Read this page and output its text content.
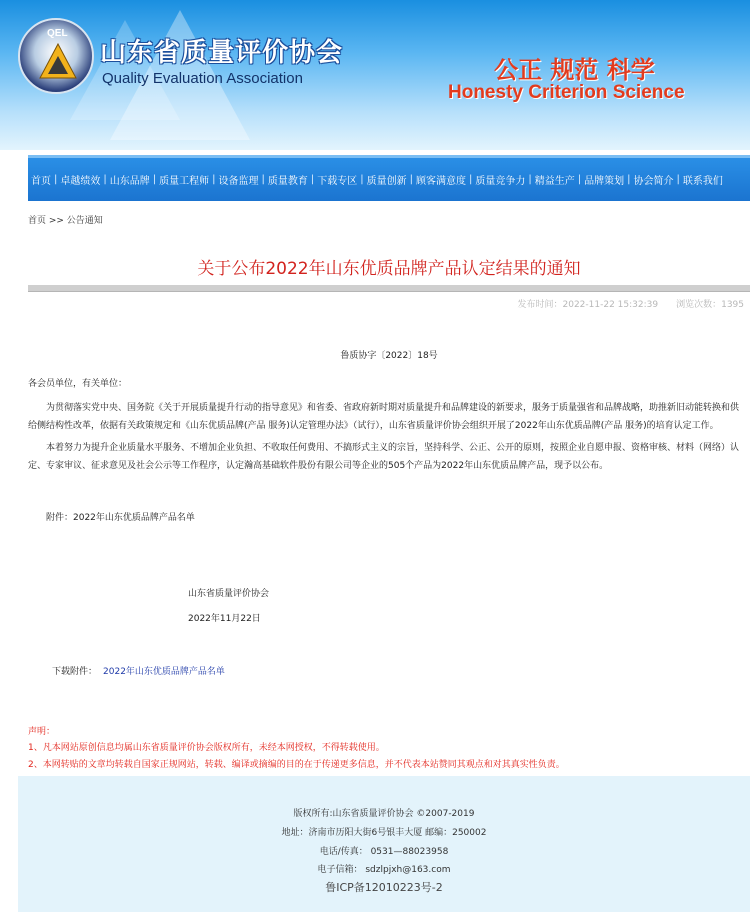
QEL
山东省质量评价协会
Quality Evaluation Association	公正 规范 科学
Honesty Criterion Science
首页 | 卓越绩效 | 山东品牌 | 质量工程师 | 设备监理 | 质量教育 | 下载专区 | 质量创新 | 顾客满意度 | 质量竞争力 | 精益生产 | 品牌策划 | 协会简介 | 联系我们
首页 >> 公告通知
关于公布2022年山东优质品牌产品认定结果的通知
发布时间：2022-11-22 15:32:39 浏览次数：1395
鲁质协字〔2022〕18号
各会员单位，有关单位：
为贯彻落实党中央、国务院《关于开展质量提升行动的指导意见》和省委、省政府新时期对质量提升和品牌建设的新要求，服务于质量强省和品牌战略，助推新旧动能转换和供给侧结构性改革，依据有关政策规定和《山东优质品牌(产品 服务)认定管理办法》（试行），山东省质量评价协会组织开展了2022年山东优质品牌(产品 服务)的培育认定工作。
本着努力为提升企业质量水平服务、不增加企业负担、不收取任何费用、不搞形式主义的宗旨，坚持科学、公正、公开的原则，按照企业自愿申报、资格审核、材料（网络）认定、专家审议、征求意见及社会公示等工作程序，认定瀚高基础软件股份有限公司等企业的505个产品为2022年山东优质品牌产品，现予以公布。
附件：2022年山东优质品牌产品名单
山东省质量评价协会
2022年11月22日
下载附件： 2022年山东优质品牌产品名单
声明：
1、凡本网站原创信息均属山东省质量评价协会版权所有，未经本网授权，不得转载使用。
2、本网转贴的文章均转载自国家正规网站，转载、编译或摘编的目的在于传递更多信息，并不代表本站赞同其观点和对其真实性负责。
版权所有:山东省质量评价协会 ©2007-2019
地址：济南市历阳大街6号银丰大厦 邮编：250002
电话/传真： 0531—88023958
电子信箱： sdzlpjxh@163.com
鲁ICP备12010223号-2
